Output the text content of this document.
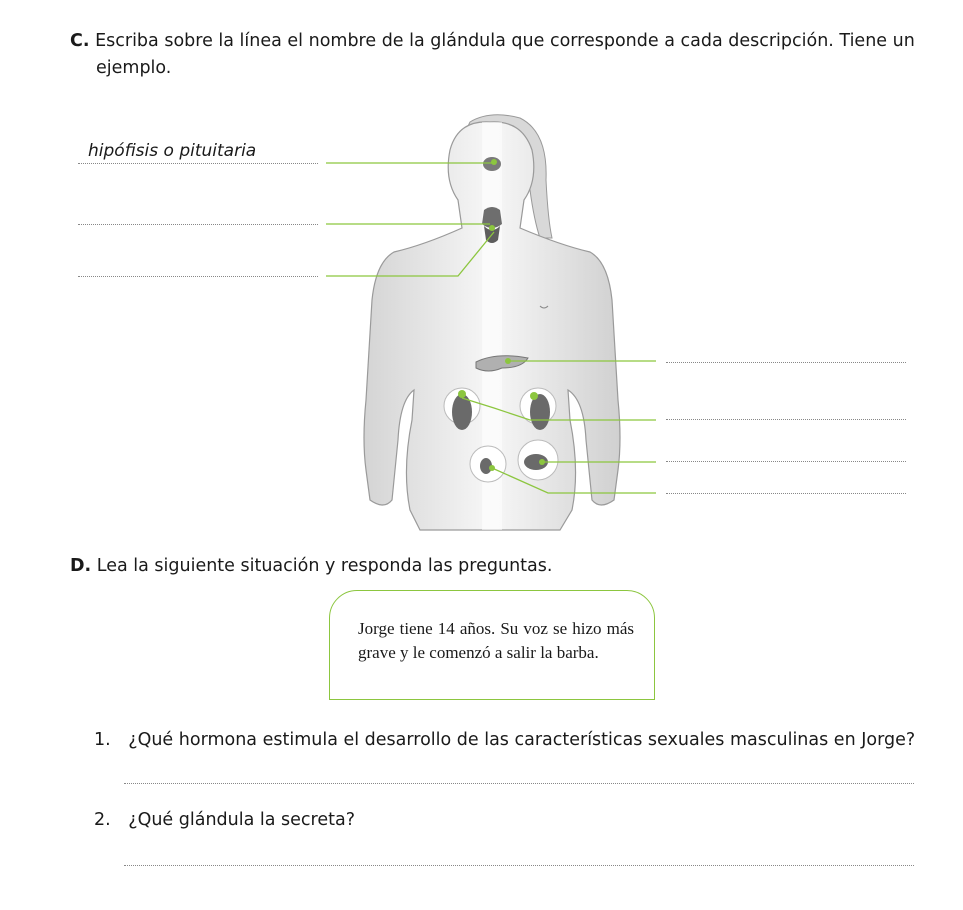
C. Escriba sobre la línea el nombre de la glándula que corresponde a cada descripción. Tiene un
ejemplo.
hipófisis o pituitaria
D. Lea la siguiente situación y responda las preguntas.
Jorge tiene 14 años. Su voz se hizo más grave y le comenzó a salir la barba.
1. ¿Qué hormona estimula el desarrollo de las características sexuales masculinas en Jorge?
2. ¿Qué glándula la secreta?
